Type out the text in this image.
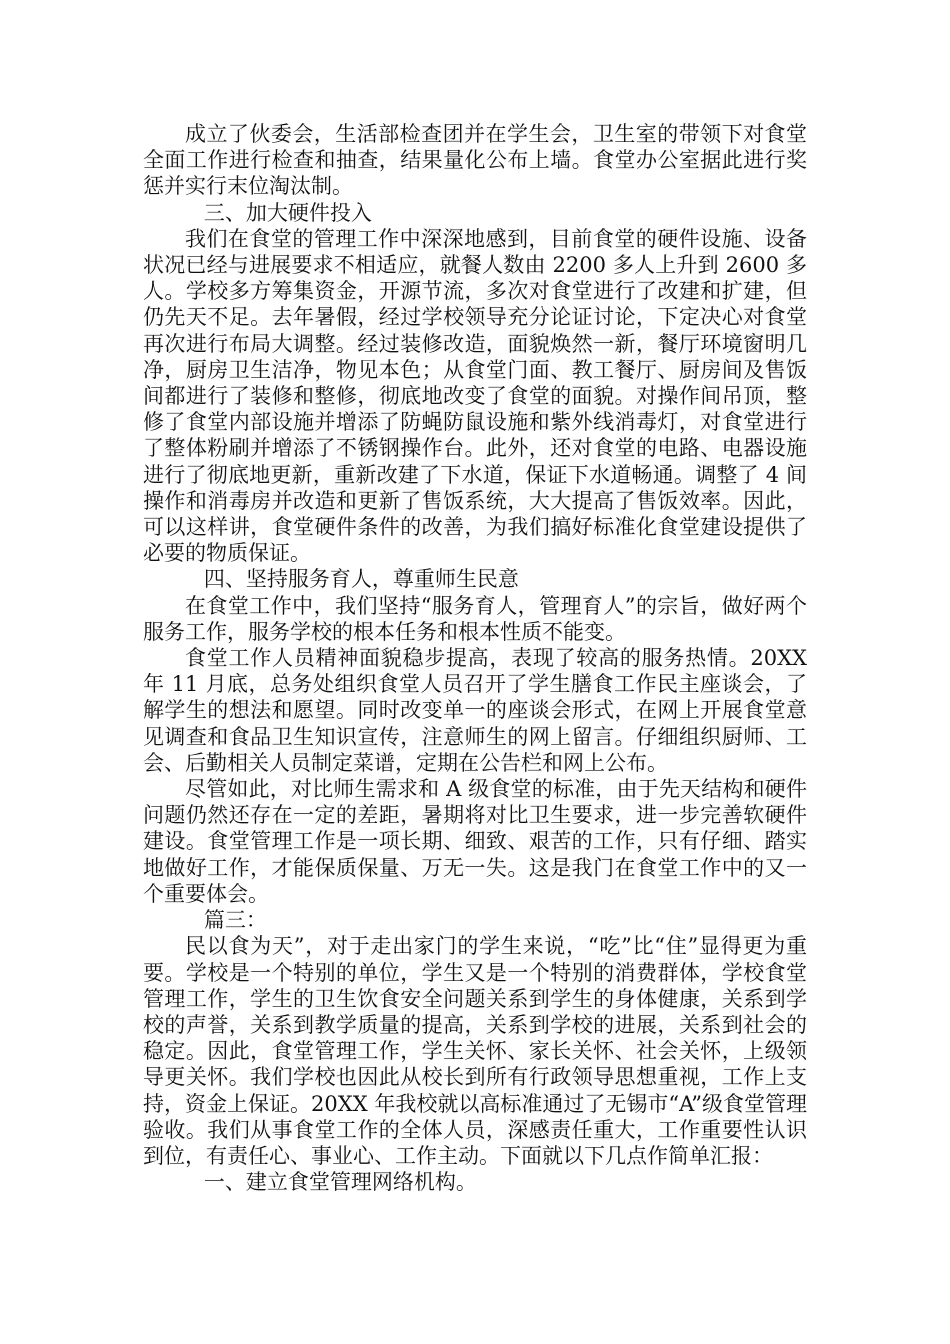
成立了伙委会，生活部检查团并在学生会，卫生室的带领下对食堂全面工作进行检查和抽查，结果量化公布上墙。食堂办公室据此进行奖惩并实行末位淘汰制。

三、加大硬件投入

我们在食堂的管理工作中深深地感到，目前食堂的硬件设施、设备状况已经与进展要求不相适应，就餐人数由 2200 多人上升到 2600 多人。学校多方筹集资金，开源节流，多次对食堂进行了改建和扩建，但仍先天不足。去年暑假，经过学校领导充分论证讨论，下定决心对食堂再次进行布局大调整。经过装修改造，面貌焕然一新，餐厅环境窗明几净，厨房卫生洁净，物见本色；从食堂门面、教工餐厅、厨房间及售饭间都进行了装修和整修，彻底地改变了食堂的面貌。对操作间吊顶，整修了食堂内部设施并增添了防蝇防鼠设施和紫外线消毒灯，对食堂进行了整体粉刷并增添了不锈钢操作台。此外，还对食堂的电路、电器设施进行了彻底地更新，重新改建了下水道，保证下水道畅通。调整了 4 间操作和消毒房并改造和更新了售饭系统，大大提高了售饭效率。因此，可以这样讲，食堂硬件条件的改善，为我们搞好标准化食堂建设提供了必要的物质保证。

四、坚持服务育人，尊重师生民意

在食堂工作中，我们坚持“服务育人，管理育人”的宗旨，做好两个服务工作，服务学校的根本任务和根本性质不能变。

食堂工作人员精神面貌稳步提高，表现了较高的服务热情。20XX 年 11 月底，总务处组织食堂人员召开了学生膳食工作民主座谈会，了解学生的想法和愿望。同时改变单一的座谈会形式，在网上开展食堂意见调查和食品卫生知识宣传，注意师生的网上留言。仔细组织厨师、工会、后勤相关人员制定菜谱，定期在公告栏和网上公布。

尽管如此，对比师生需求和 A 级食堂的标准，由于先天结构和硬件问题仍然还存在一定的差距，暑期将对比卫生要求，进一步完善软硬件建设。食堂管理工作是一项长期、细致、艰苦的工作，只有仔细、踏实地做好工作，才能保质保量、万无一失。这是我门在食堂工作中的又一个重要体会。

篇三：

民以食为天”，对于走出家门的学生来说，“吃”比“住”显得更为重要。学校是一个特别的单位，学生又是一个特别的消费群体，学校食堂管理工作，学生的卫生饮食安全问题关系到学生的身体健康，关系到学校的声誉，关系到教学质量的提高，关系到学校的进展，关系到社会的稳定。因此，食堂管理工作，学生关怀、家长关怀、社会关怀，上级领导更关怀。我们学校也因此从校长到所有行政领导思想重视，工作上支持，资金上保证。20XX 年我校就以高标准通过了无锡市“A”级食堂管理验收。我们从事食堂工作的全体人员，深感责任重大，工作重要性认识到位，有责任心、事业心、工作主动。下面就以下几点作简单汇报：

一、建立食堂管理网络机构。
